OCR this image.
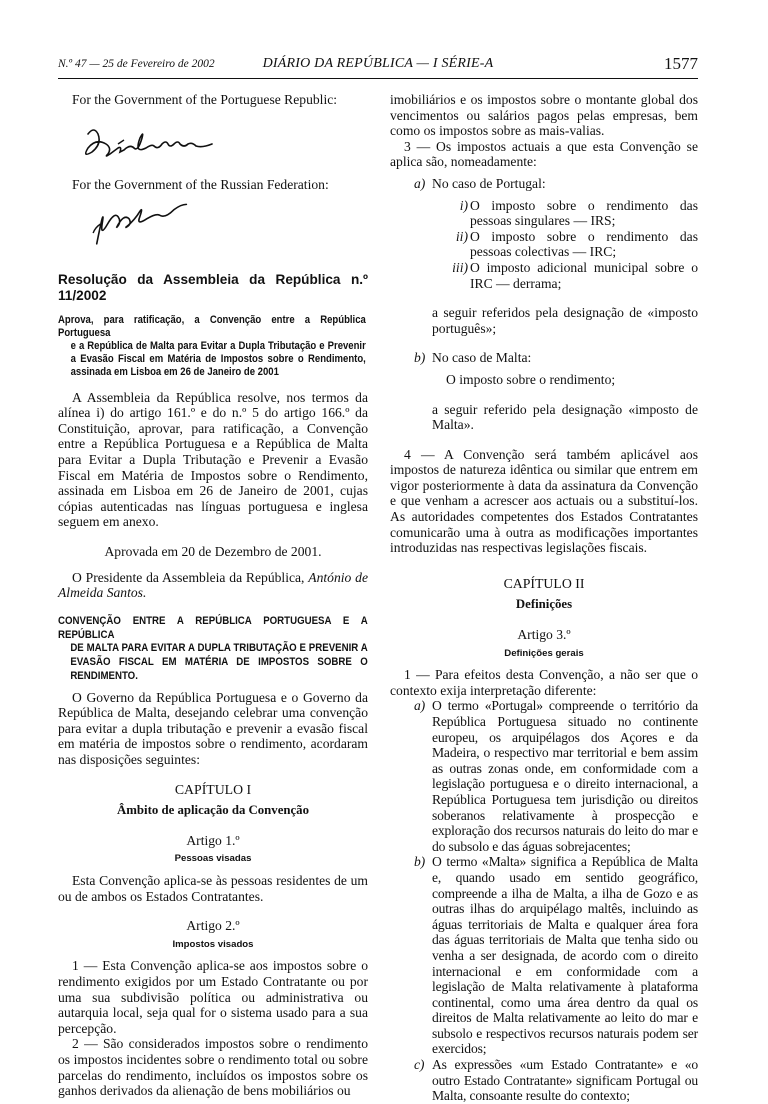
N.º 47 — 25 de Fevereiro de 2002	DIÁRIO DA REPÚBLICA — I SÉRIE-A	1577

For the Government of the Portuguese Republic:

For the Government of the Russian Federation:

Resolução da Assembleia da República n.º 11/2002

Aprova, para ratificação, a Convenção entre a República Portuguesa
e a República de Malta para Evitar a Dupla Tributação e Prevenir a Evasão Fiscal em Matéria de Impostos sobre o Rendimento, assinada em Lisboa em 26 de Janeiro de 2001

A Assembleia da República resolve, nos termos da alínea i) do artigo 161.º e do n.º 5 do artigo 166.º da Constituição, aprovar, para ratificação, a Convenção entre a República Portuguesa e a República de Malta para Evitar a Dupla Tributação e Prevenir a Evasão Fiscal em Matéria de Impostos sobre o Rendimento, assinada em Lisboa em 26 de Janeiro de 2001, cujas cópias autenticadas nas línguas portuguesa e inglesa seguem em anexo.

Aprovada em 20 de Dezembro de 2001.

O Presidente da Assembleia da República, António de Almeida Santos.

CONVENÇÃO ENTRE A REPÚBLICA PORTUGUESA E A REPÚBLICA
DE MALTA PARA EVITAR A DUPLA TRIBUTAÇÃO E PREVENIR A EVASÃO FISCAL EM MATÉRIA DE IMPOSTOS SOBRE O RENDIMENTO.

O Governo da República Portuguesa e o Governo da República de Malta, desejando celebrar uma convenção para evitar a dupla tributação e prevenir a evasão fiscal em matéria de impostos sobre o rendimento, acordaram nas disposições seguintes:

CAPÍTULO I

Âmbito de aplicação da Convenção

Artigo 1.º

Pessoas visadas

Esta Convenção aplica-se às pessoas residentes de um ou de ambos os Estados Contratantes.

Artigo 2.º

Impostos visados

1 — Esta Convenção aplica-se aos impostos sobre o rendimento exigidos por um Estado Contratante ou por uma sua subdivisão política ou administrativa ou autarquia local, seja qual for o sistema usado para a sua percepção.

2 — São considerados impostos sobre o rendimento os impostos incidentes sobre o rendimento total ou sobre parcelas do rendimento, incluídos os impostos sobre os ganhos derivados da alienação de bens mobiliários ou

imobiliários e os impostos sobre o montante global dos vencimentos ou salários pagos pelas empresas, bem como os impostos sobre as mais-valias.

3 — Os impostos actuais a que esta Convenção se aplica são, nomeadamente:

a) No caso de Portugal:
i) O imposto sobre o rendimento das pessoas singulares — IRS;
ii) O imposto sobre o rendimento das pessoas colectivas — IRC;
iii) O imposto adicional municipal sobre o IRC — derrama;

a seguir referidos pela designação de «imposto português»;

b) No caso de Malta:

O imposto sobre o rendimento;

a seguir referido pela designação «imposto de Malta».

4 — A Convenção será também aplicável aos impostos de natureza idêntica ou similar que entrem em vigor posteriormente à data da assinatura da Convenção e que venham a acrescer aos actuais ou a substituí-los. As autoridades competentes dos Estados Contratantes comunicarão uma à outra as modificações importantes introduzidas nas respectivas legislações fiscais.

CAPÍTULO II

Definições

Artigo 3.º

Definições gerais

1 — Para efeitos desta Convenção, a não ser que o contexto exija interpretação diferente:

a) O termo «Portugal» compreende o território da República Portuguesa situado no continente europeu, os arquipélagos dos Açores e da Madeira, o respectivo mar territorial e bem assim as outras zonas onde, em conformidade com a legislação portuguesa e o direito internacional, a República Portuguesa tem jurisdição ou direitos soberanos relativamente à prospecção e exploração dos recursos naturais do leito do mar e do subsolo e das águas sobrejacentes;
b) O termo «Malta» significa a República de Malta e, quando usado em sentido geográfico, compreende a ilha de Malta, a ilha de Gozo e as outras ilhas do arquipélago maltês, incluindo as águas territoriais de Malta e qualquer área fora das águas territoriais de Malta que tenha sido ou venha a ser designada, de acordo com o direito internacional e em conformidade com a legislação de Malta relativamente à plataforma continental, como uma área dentro da qual os direitos de Malta relativamente ao leito do mar e subsolo e respectivos recursos naturais podem ser exercidos;
c) As expressões «um Estado Contratante» e «o outro Estado Contratante» significam Portugal ou Malta, consoante resulte do contexto;
